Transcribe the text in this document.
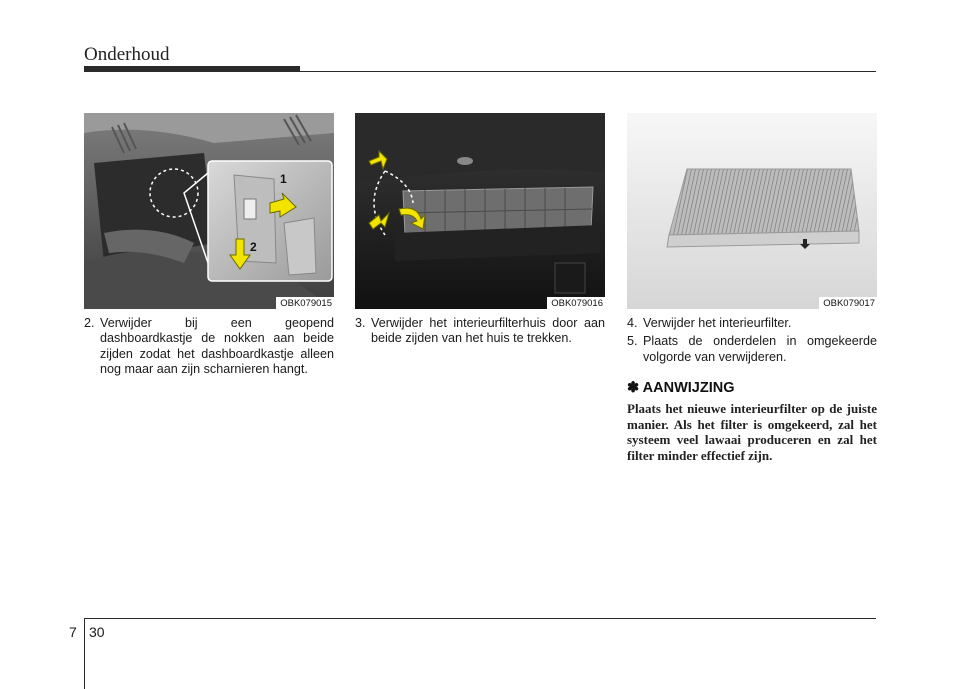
Onderhoud
1
2
OBK079015	OBK079016	OBK079017
2. Verwijder bij een geopend dashboardkastje de nokken aan beide zijden zodat het dashboardkastje alleen nog maar aan zijn scharnieren hangt.
3. Verwijder het interieurfilterhuis door aan beide zijden van het huis te trekken.
4. Verwijder het interieurfilter.
5. Plaats de onderdelen in omgekeerde volgorde van verwijderen.
✽ AANWIJZING
Plaats het nieuwe interieurfilter op de juiste manier. Als het filter is omgekeerd, zal het systeem veel lawaai produceren en zal het filter minder effectief zijn.
7 30
